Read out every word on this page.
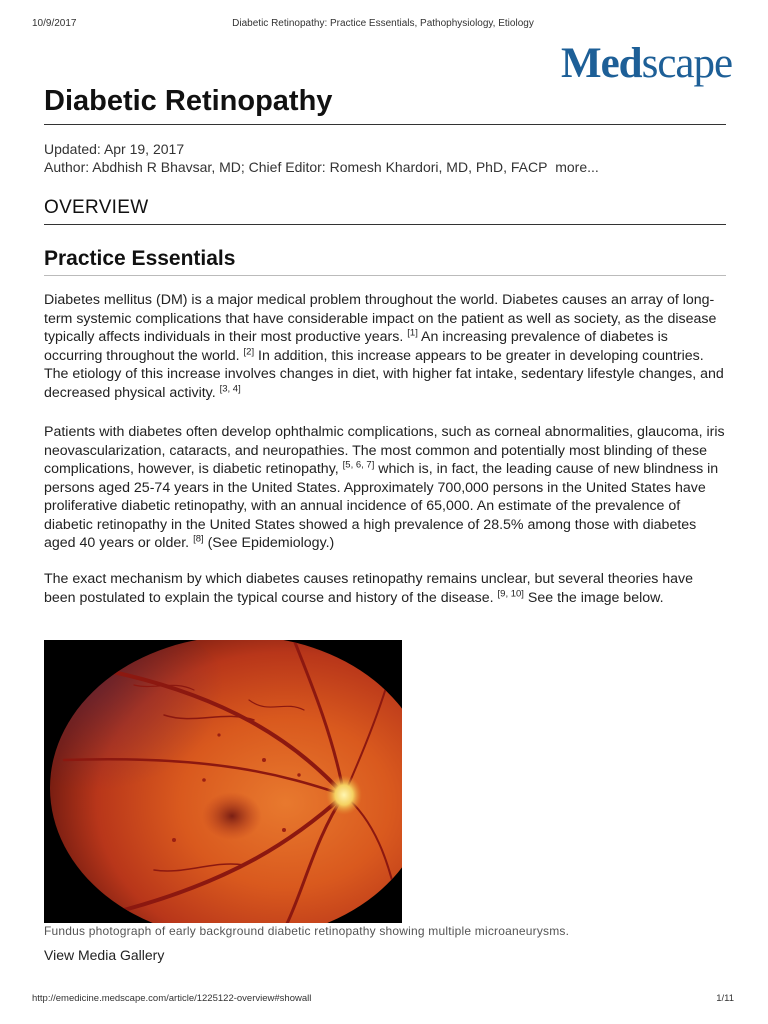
10/9/2017	Diabetic Retinopathy: Practice Essentials, Pathophysiology, Etiology
Medscape
Diabetic Retinopathy
Updated: Apr 19, 2017
Author: Abdhish R Bhavsar, MD; Chief Editor: Romesh Khardori, MD, PhD, FACP more...
OVERVIEW
Practice Essentials

Diabetes mellitus (DM) is a major medical problem throughout the world. Diabetes causes an array of long-term systemic complications that have considerable impact on the patient as well as society, as the disease typically affects individuals in their most productive years. [1] An increasing prevalence of diabetes is occurring throughout the world. [2] In addition, this increase appears to be greater in developing countries. The etiology of this increase involves changes in diet, with higher fat intake, sedentary lifestyle changes, and decreased physical activity. [3, 4]

Patients with diabetes often develop ophthalmic complications, such as corneal abnormalities, glaucoma, iris neovascularization, cataracts, and neuropathies. The most common and potentially most blinding of these complications, however, is diabetic retinopathy, [5, 6, 7] which is, in fact, the leading cause of new blindness in persons aged 25-74 years in the United States. Approximately 700,000 persons in the United States have proliferative diabetic retinopathy, with an annual incidence of 65,000. An estimate of the prevalence of diabetic retinopathy in the United States showed a high prevalence of 28.5% among those with diabetes aged 40 years or older. [8] (See Epidemiology.)

The exact mechanism by which diabetes causes retinopathy remains unclear, but several theories have been postulated to explain the typical course and history of the disease. [9, 10] See the image below.

Fundus photograph of early background diabetic retinopathy showing multiple microaneurysms.
View Media Gallery
http://emedicine.medscape.com/article/1225122-overview#showall	1/11
